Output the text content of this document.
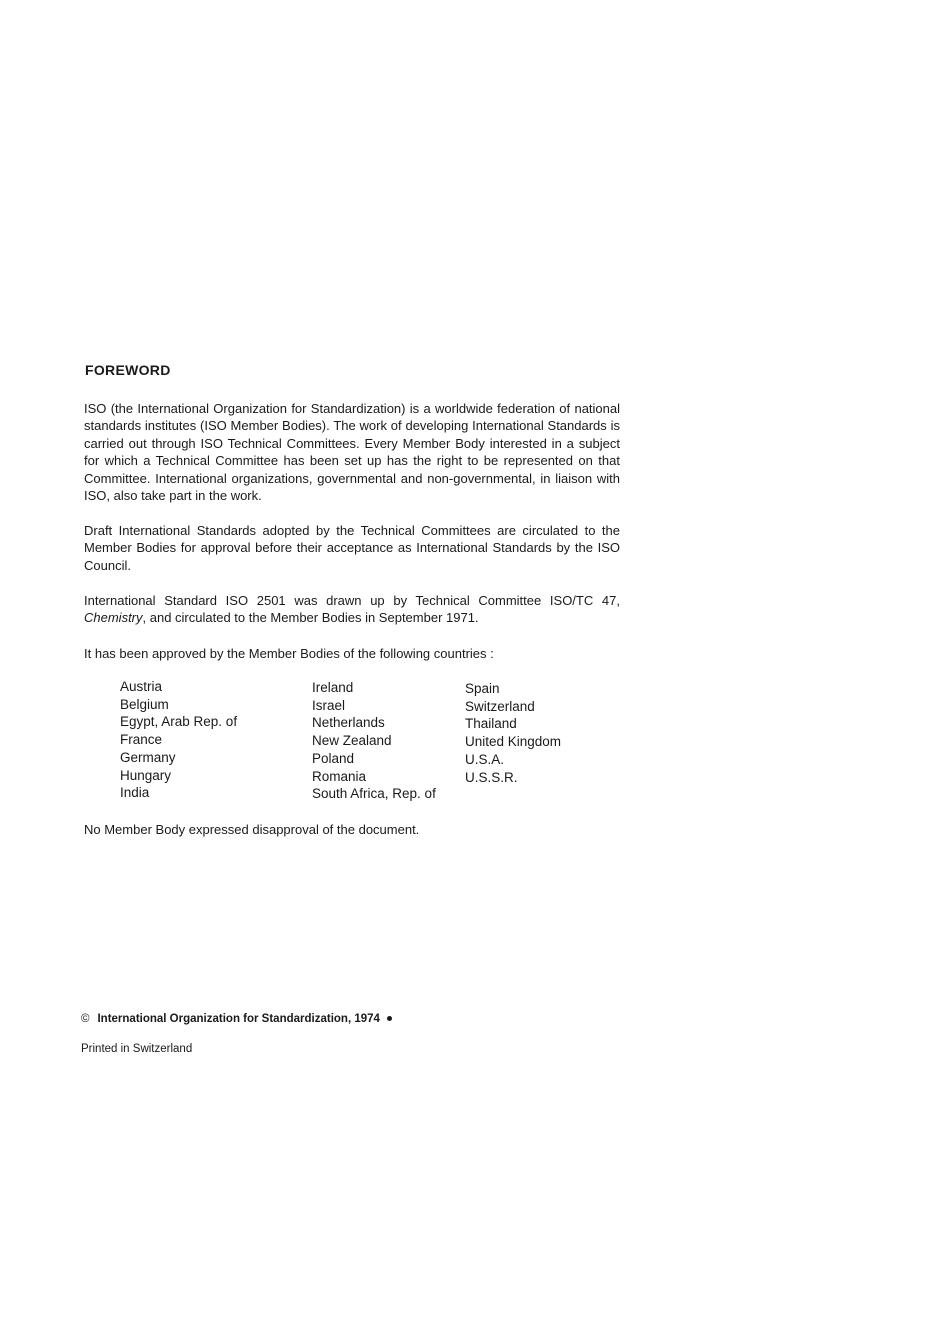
FOREWORD
ISO (the International Organization for Standardization) is a worldwide federation of national standards institutes (ISO Member Bodies). The work of developing International Standards is carried out through ISO Technical Committees. Every Member Body interested in a subject for which a Technical Committee has been set up has the right to be represented on that Committee. International organizations, governmental and non-governmental, in liaison with ISO, also take part in the work.
Draft International Standards adopted by the Technical Committees are circulated to the Member Bodies for approval before their acceptance as International Standards by the ISO Council.
International Standard ISO 2501 was drawn up by Technical Committee ISO/TC 47, Chemistry, and circulated to the Member Bodies in September 1971.
It has been approved by the Member Bodies of the following countries :
Austria
Belgium
Egypt, Arab Rep. of
France
Germany
Hungary
India
Ireland
Israel
Netherlands
New Zealand
Poland
Romania
South Africa, Rep. of
Spain
Switzerland
Thailand
United Kingdom
U.S.A.
U.S.S.R.
No Member Body expressed disapproval of the document.
© International Organization for Standardization, 1974
Printed in Switzerland
